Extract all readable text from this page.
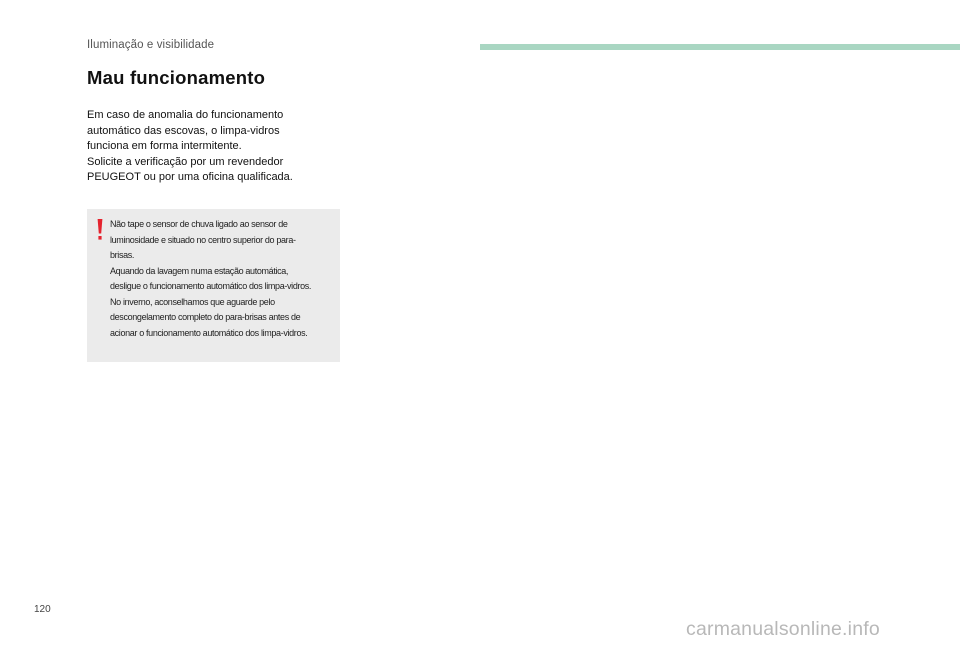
Iluminação e visibilidade
Mau funcionamento

Em caso de anomalia do funcionamento

automático das escovas, o limpa-vidros

funciona em forma intermitente.

Solicite a verificação por um revendedor

PEUGEOT ou por uma oficina qualificada.

Não tape o sensor de chuva ligado ao sensor de

luminosidade e situado no centro superior do para-

brisas.

Aquando da lavagem numa estação automática,

desligue o funcionamento automático dos limpa-vidros.

No inverno, aconselhamos que aguarde pelo

descongelamento completo do para-brisas antes de

acionar o funcionamento automático dos limpa-vidros.

120
carmanualsonline.info
